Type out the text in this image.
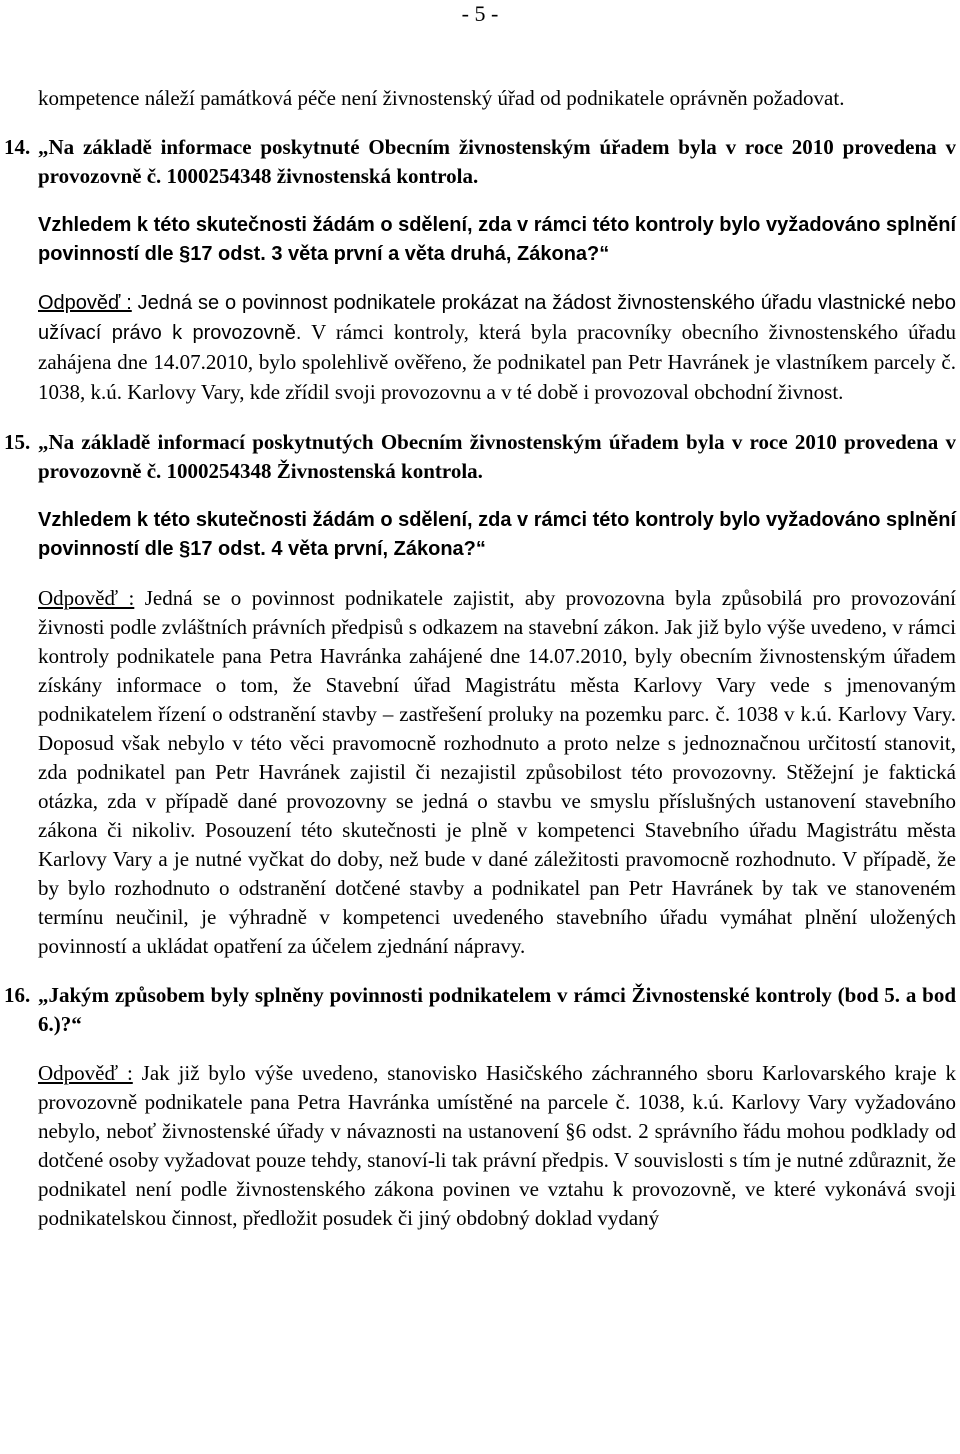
- 5 -

kompetence náleží památková péče není živnostenský úřad od podnikatele oprávněn požadovat.

14. „Na základě informace poskytnuté Obecním živnostenským úřadem byla v roce 2010 provedena v provozovně č. 1000254348 živnostenská kontrola.

Vzhledem k této skutečnosti žádám o sdělení, zda v rámci této kontroly bylo vyžadováno splnění povinností dle §17 odst. 3 věta první a věta druhá, Zákona?“

Odpověď : Jedná se o povinnost podnikatele prokázat na žádost živnostenského úřadu vlastnické nebo užívací právo k provozovně. V rámci kontroly, která byla pracovníky obecního živnostenského úřadu zahájena dne 14.07.2010, bylo spolehlivě ověřeno, že podnikatel pan Petr Havránek je vlastníkem parcely č. 1038, k.ú. Karlovy Vary, kde zřídil svoji provozovnu a v té době i provozoval obchodní živnost.

15. „Na základě informací poskytnutých Obecním živnostenským úřadem byla v roce 2010 provedena v provozovně č. 1000254348 Živnostenská kontrola.

Vzhledem k této skutečnosti žádám o sdělení, zda v rámci této kontroly bylo vyžadováno splnění povinností dle §17 odst. 4 věta první, Zákona?“

Odpověď : Jedná se o povinnost podnikatele zajistit, aby provozovna byla způsobilá pro provozování živnosti podle zvláštních právních předpisů s odkazem na stavební zákon. Jak již bylo výše uvedeno, v rámci kontroly podnikatele pana Petra Havránka zahájené dne 14.07.2010, byly obecním živnostenským úřadem získány informace o tom, že Stavební úřad Magistrátu města Karlovy Vary vede s jmenovaným podnikatelem řízení o odstranění stavby – zastřešení proluky na pozemku parc. č. 1038 v k.ú. Karlovy Vary. Doposud však nebylo v této věci pravomocně rozhodnuto a proto nelze s jednoznačnou určitostí stanovit, zda podnikatel pan Petr Havránek zajistil či nezajistil způsobilost této provozovny. Stěžejní je faktická otázka, zda v případě dané provozovny se jedná o stavbu ve smyslu příslušných ustanovení stavebního zákona či nikoliv. Posouzení této skutečnosti je plně v kompetenci Stavebního úřadu Magistrátu města Karlovy Vary a je nutné vyčkat do doby, než bude v dané záležitosti pravomocně rozhodnuto. V případě, že by bylo rozhodnuto o odstranění dotčené stavby a podnikatel pan Petr Havránek by tak ve stanoveném termínu neučinil, je výhradně v kompetenci uvedeného stavebního úřadu vymáhat plnění uložených povinností a ukládat opatření za účelem zjednání nápravy.

16. „Jakým způsobem byly splněny povinnosti podnikatelem v rámci Živnostenské kontroly (bod 5. a bod 6.)?“

Odpověď : Jak již bylo výše uvedeno, stanovisko Hasičského záchranného sboru Karlovarského kraje k provozovně podnikatele pana Petra Havránka umístěné na parcele č. 1038, k.ú. Karlovy Vary vyžadováno nebylo, neboť živnostenské úřady v návaznosti na ustanovení §6 odst. 2 správního řádu mohou podklady od dotčené osoby vyžadovat pouze tehdy, stanoví-li tak právní předpis. V souvislosti s tím je nutné zdůraznit, že podnikatel není podle živnostenského zákona povinen ve vztahu k provozovně, ve které vykonává svoji podnikatelskou činnost, předložit posudek či jiný obdobný doklad vydaný
